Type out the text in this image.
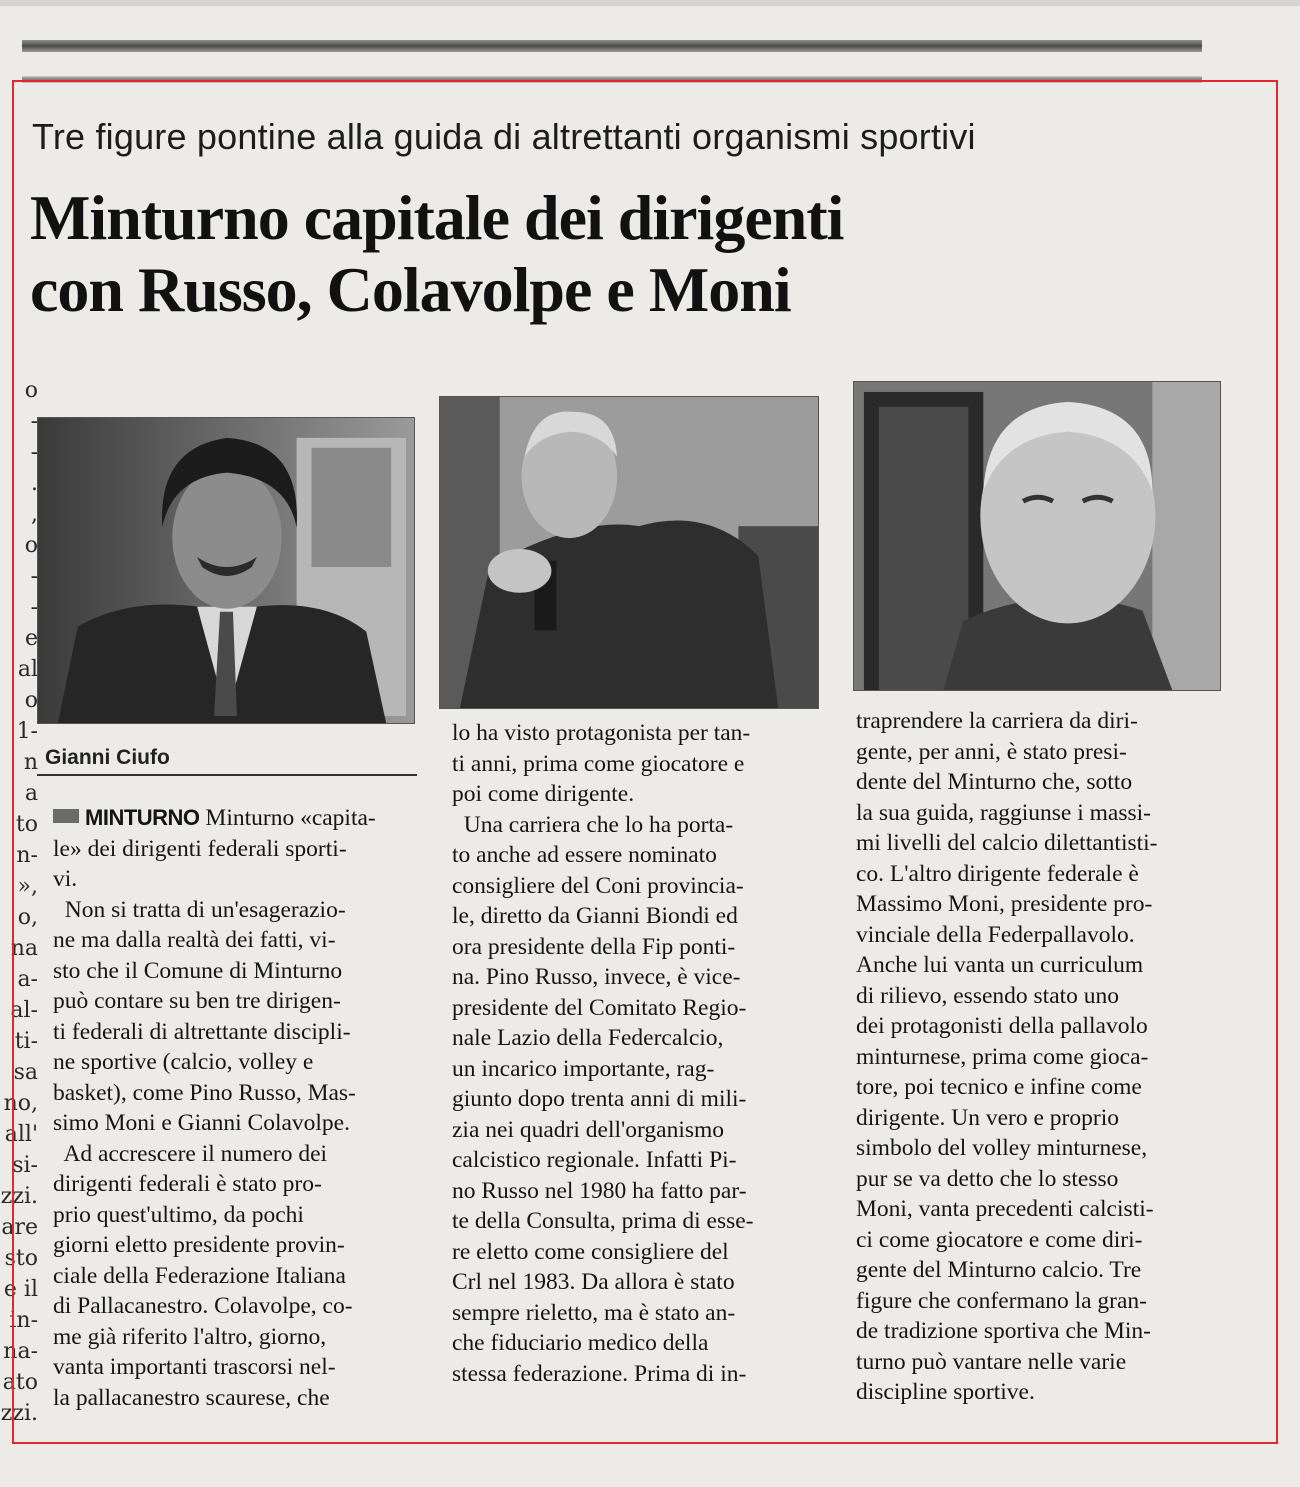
o
-
-
.
,
o
-
-
e
al
o
1-
n
a
to
n-
»,
o,
na
a-
al-
ti-
sa
no,
all'
si-
zzi.
are
sto
e il
in-
na-
ato
zzi.
Tre figure pontine alla guida di altrettanti organismi sportivi
Minturno capitale dei dirigenti
con Russo, Colavolpe e Moni
Gianni Ciufo

MINTURNO Minturno «capita-

le» dei dirigenti federali sporti-

vi.

Non si tratta di un'esagerazio-

ne ma dalla realtà dei fatti, vi-

sto che il Comune di Minturno

può contare su ben tre dirigen-

ti federali di altrettante discipli-

ne sportive (calcio, volley e

basket), come Pino Russo, Mas-

simo Moni e Gianni Colavolpe.

Ad accrescere il numero dei

dirigenti federali è stato pro-

prio quest'ultimo, da pochi

giorni eletto presidente provin-

ciale della Federazione Italiana

di Pallacanestro. Colavolpe, co-

me già riferito l'altro, giorno,

vanta importanti trascorsi nel-

la pallacanestro scaurese, che

lo ha visto protagonista per tan-

ti anni, prima come giocatore e

poi come dirigente.

Una carriera che lo ha porta-

to anche ad essere nominato

consigliere del Coni provincia-

le, diretto da Gianni Biondi ed

ora presidente della Fip ponti-

na. Pino Russo, invece, è vice-

presidente del Comitato Regio-

nale Lazio della Federcalcio,

un incarico importante, rag-

giunto dopo trenta anni di mili-

zia nei quadri dell'organismo

calcistico regionale. Infatti Pi-

no Russo nel 1980 ha fatto par-

te della Consulta, prima di esse-

re eletto come consigliere del

Crl nel 1983. Da allora è stato

sempre rieletto, ma è stato an-

che fiduciario medico della

stessa federazione. Prima di in-

traprendere la carriera da diri-

gente, per anni, è stato presi-

dente del Minturno che, sotto

la sua guida, raggiunse i massi-

mi livelli del calcio dilettantisti-

co. L'altro dirigente federale è

Massimo Moni, presidente pro-

vinciale della Federpallavolo.

Anche lui vanta un curriculum

di rilievo, essendo stato uno

dei protagonisti della pallavolo

minturnese, prima come gioca-

tore, poi tecnico e infine come

dirigente. Un vero e proprio

simbolo del volley minturnese,

pur se va detto che lo stesso

Moni, vanta precedenti calcisti-

ci come giocatore e come diri-

gente del Minturno calcio. Tre

figure che confermano la gran-

de tradizione sportiva che Min-

turno può vantare nelle varie

discipline sportive.
